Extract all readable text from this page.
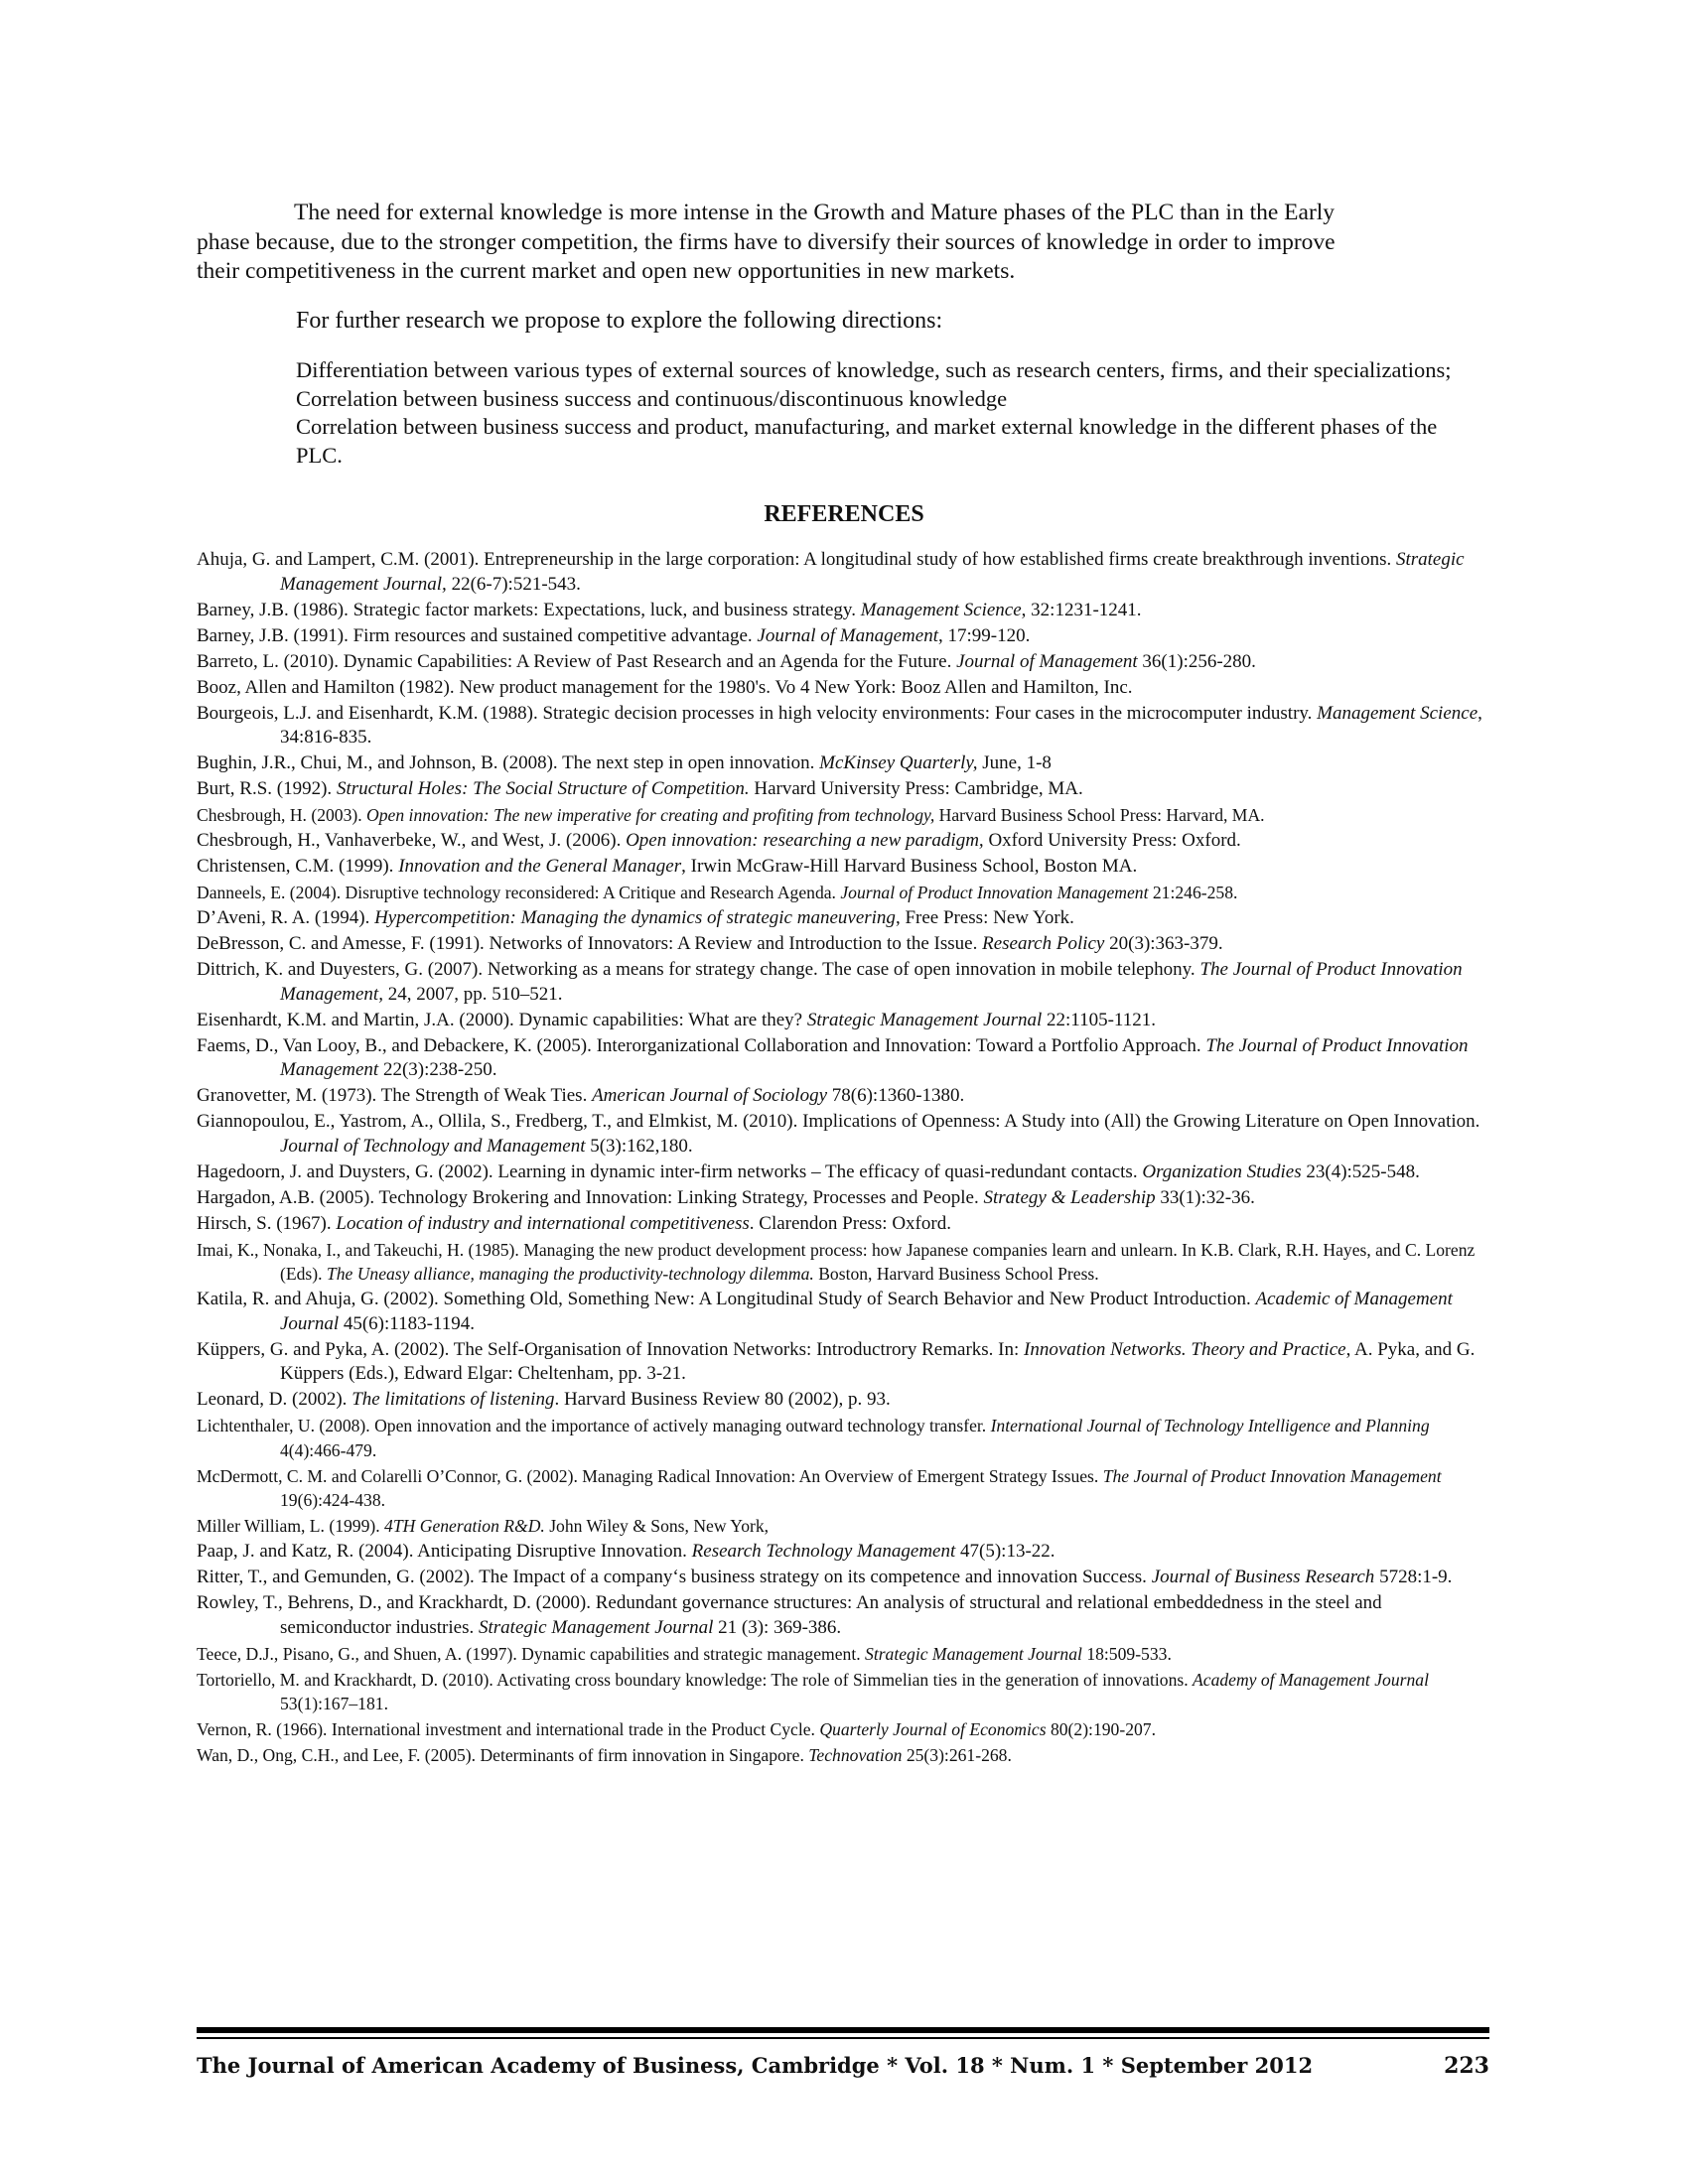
The need for external knowledge is more intense in the Growth and Mature phases of the PLC than in the Early
phase because, due to the stronger competition, the firms have to diversify their sources of knowledge in order to improve
their competitiveness in the current market and open new opportunities in new markets.

For further research we propose to explore the following directions:

Differentiation between various types of external sources of knowledge, such as research centers, firms, and their specializations;
Correlation between business success and continuous/discontinuous knowledge
Correlation between business success and product, manufacturing, and market external knowledge in the different phases of the PLC.
REFERENCES
Ahuja, G. and Lampert, C.M. (2001). Entrepreneurship in the large corporation: A longitudinal study of how established firms create breakthrough inventions. Strategic Management Journal, 22(6-7):521-543.
Barney, J.B. (1986). Strategic factor markets: Expectations, luck, and business strategy. Management Science, 32:1231-1241.
Barney, J.B. (1991). Firm resources and sustained competitive advantage. Journal of Management, 17:99-120.
Barreto, L. (2010). Dynamic Capabilities: A Review of Past Research and an Agenda for the Future. Journal of Management 36(1):256-280.
Booz, Allen and Hamilton (1982). New product management for the 1980's. Vo 4 New York: Booz Allen and Hamilton, Inc.
Bourgeois, L.J. and Eisenhardt, K.M. (1988). Strategic decision processes in high velocity environments: Four cases in the microcomputer industry. Management Science, 34:816-835.
Bughin, J.R., Chui, M., and Johnson, B. (2008). The next step in open innovation. McKinsey Quarterly, June, 1-8
Burt, R.S. (1992). Structural Holes: The Social Structure of Competition. Harvard University Press: Cambridge, MA.
Chesbrough, H. (2003). Open innovation: The new imperative for creating and profiting from technology, Harvard Business School Press: Harvard, MA.
Chesbrough, H., Vanhaverbeke, W., and West, J. (2006). Open innovation: researching a new paradigm, Oxford University Press: Oxford.
Christensen, C.M. (1999). Innovation and the General Manager, Irwin McGraw-Hill Harvard Business School, Boston MA.
Danneels, E. (2004). Disruptive technology reconsidered: A Critique and Research Agenda. Journal of Product Innovation Management 21:246-258.
D’Aveni, R. A. (1994). Hypercompetition: Managing the dynamics of strategic maneuvering, Free Press: New York.
DeBresson, C. and Amesse, F. (1991). Networks of Innovators: A Review and Introduction to the Issue. Research Policy 20(3):363-379.
Dittrich, K. and Duyesters, G. (2007). Networking as a means for strategy change. The case of open innovation in mobile telephony. The Journal of Product Innovation Management, 24, 2007, pp. 510–521.
Eisenhardt, K.M. and Martin, J.A. (2000). Dynamic capabilities: What are they? Strategic Management Journal 22:1105-1121.
Faems, D., Van Looy, B., and Debackere, K. (2005). Interorganizational Collaboration and Innovation: Toward a Portfolio Approach. The Journal of Product Innovation Management 22(3):238-250.
Granovetter, M. (1973). The Strength of Weak Ties. American Journal of Sociology 78(6):1360-1380.
Giannopoulou, E., Yastrom, A., Ollila, S., Fredberg, T., and Elmkist, M. (2010). Implications of Openness: A Study into (All) the Growing Literature on Open Innovation. Journal of Technology and Management 5(3):162,180.
Hagedoorn, J. and Duysters, G. (2002). Learning in dynamic inter-firm networks – The efficacy of quasi-redundant contacts. Organization Studies 23(4):525-548.
Hargadon, A.B. (2005). Technology Brokering and Innovation: Linking Strategy, Processes and People. Strategy & Leadership 33(1):32-36.
Hirsch, S. (1967). Location of industry and international competitiveness. Clarendon Press: Oxford.
Imai, K., Nonaka, I., and Takeuchi, H. (1985). Managing the new product development process: how Japanese companies learn and unlearn. In K.B. Clark, R.H. Hayes, and C. Lorenz (Eds). The Uneasy alliance, managing the productivity-technology dilemma. Boston, Harvard Business School Press.
Katila, R. and Ahuja, G. (2002). Something Old, Something New: A Longitudinal Study of Search Behavior and New Product Introduction. Academic of Management Journal 45(6):1183-1194.
Küppers, G. and Pyka, A. (2002). The Self-Organisation of Innovation Networks: Introductrory Remarks. In: Innovation Networks. Theory and Practice, A. Pyka, and G. Küppers (Eds.), Edward Elgar: Cheltenham, pp. 3-21.
Leonard, D. (2002). The limitations of listening. Harvard Business Review 80 (2002), p. 93.
Lichtenthaler, U. (2008). Open innovation and the importance of actively managing outward technology transfer. International Journal of Technology Intelligence and Planning 4(4):466-479.
McDermott, C. M. and Colarelli O’Connor, G. (2002). Managing Radical Innovation: An Overview of Emergent Strategy Issues. The Journal of Product Innovation Management 19(6):424-438.
Miller William, L. (1999). 4TH Generation R&D. John Wiley & Sons, New York,
Paap, J. and Katz, R. (2004). Anticipating Disruptive Innovation. Research Technology Management 47(5):13-22.
Ritter, T., and Gemunden, G. (2002). The Impact of a company‘s business strategy on its competence and innovation Success. Journal of Business Research 5728:1-9.
Rowley, T., Behrens, D., and Krackhardt, D. (2000). Redundant governance structures: An analysis of structural and relational embeddedness in the steel and semiconductor industries. Strategic Management Journal 21 (3): 369-386.
Teece, D.J., Pisano, G., and Shuen, A. (1997). Dynamic capabilities and strategic management. Strategic Management Journal 18:509-533.
Tortoriello, M. and Krackhardt, D. (2010). Activating cross boundary knowledge: The role of Simmelian ties in the generation of innovations. Academy of Management Journal 53(1):167–181.
Vernon, R. (1966). International investment and international trade in the Product Cycle. Quarterly Journal of Economics 80(2):190-207.
Wan, D., Ong, C.H., and Lee, F. (2005). Determinants of firm innovation in Singapore. Technovation 25(3):261-268.
The Journal of American Academy of Business, Cambridge * Vol. 18 * Num. 1 * September 2012	223
